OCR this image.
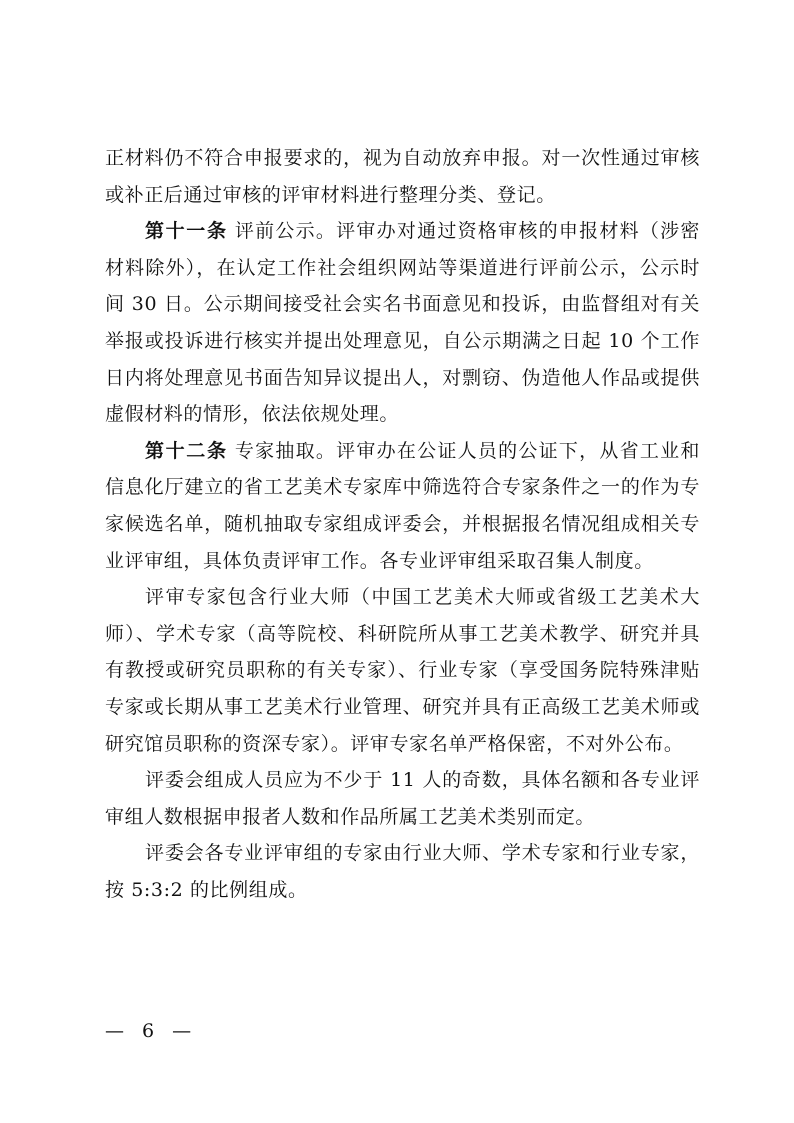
正材料仍不符合申报要求的，视为自动放弃申报。对一次性通过审核或补正后通过审核的评审材料进行整理分类、登记。

第十一条 评前公示。评审办对通过资格审核的申报材料（涉密材料除外），在认定工作社会组织网站等渠道进行评前公示，公示时间 30 日。公示期间接受社会实名书面意见和投诉，由监督组对有关举报或投诉进行核实并提出处理意见，自公示期满之日起 10 个工作日内将处理意见书面告知异议提出人，对剽窃、伪造他人作品或提供虚假材料的情形，依法依规处理。

第十二条 专家抽取。评审办在公证人员的公证下，从省工业和信息化厅建立的省工艺美术专家库中筛选符合专家条件之一的作为专家候选名单，随机抽取专家组成评委会，并根据报名情况组成相关专业评审组，具体负责评审工作。各专业评审组采取召集人制度。

评审专家包含行业大师（中国工艺美术大师或省级工艺美术大师）、学术专家（高等院校、科研院所从事工艺美术教学、研究并具有教授或研究员职称的有关专家）、行业专家（享受国务院特殊津贴专家或长期从事工艺美术行业管理、研究并具有正高级工艺美术师或研究馆员职称的资深专家）。评审专家名单严格保密，不对外公布。

评委会组成人员应为不少于 11 人的奇数，具体名额和各专业评审组人数根据申报者人数和作品所属工艺美术类别而定。

评委会各专业评审组的专家由行业大师、学术专家和行业专家，按 5:3:2 的比例组成。

— 6 —
